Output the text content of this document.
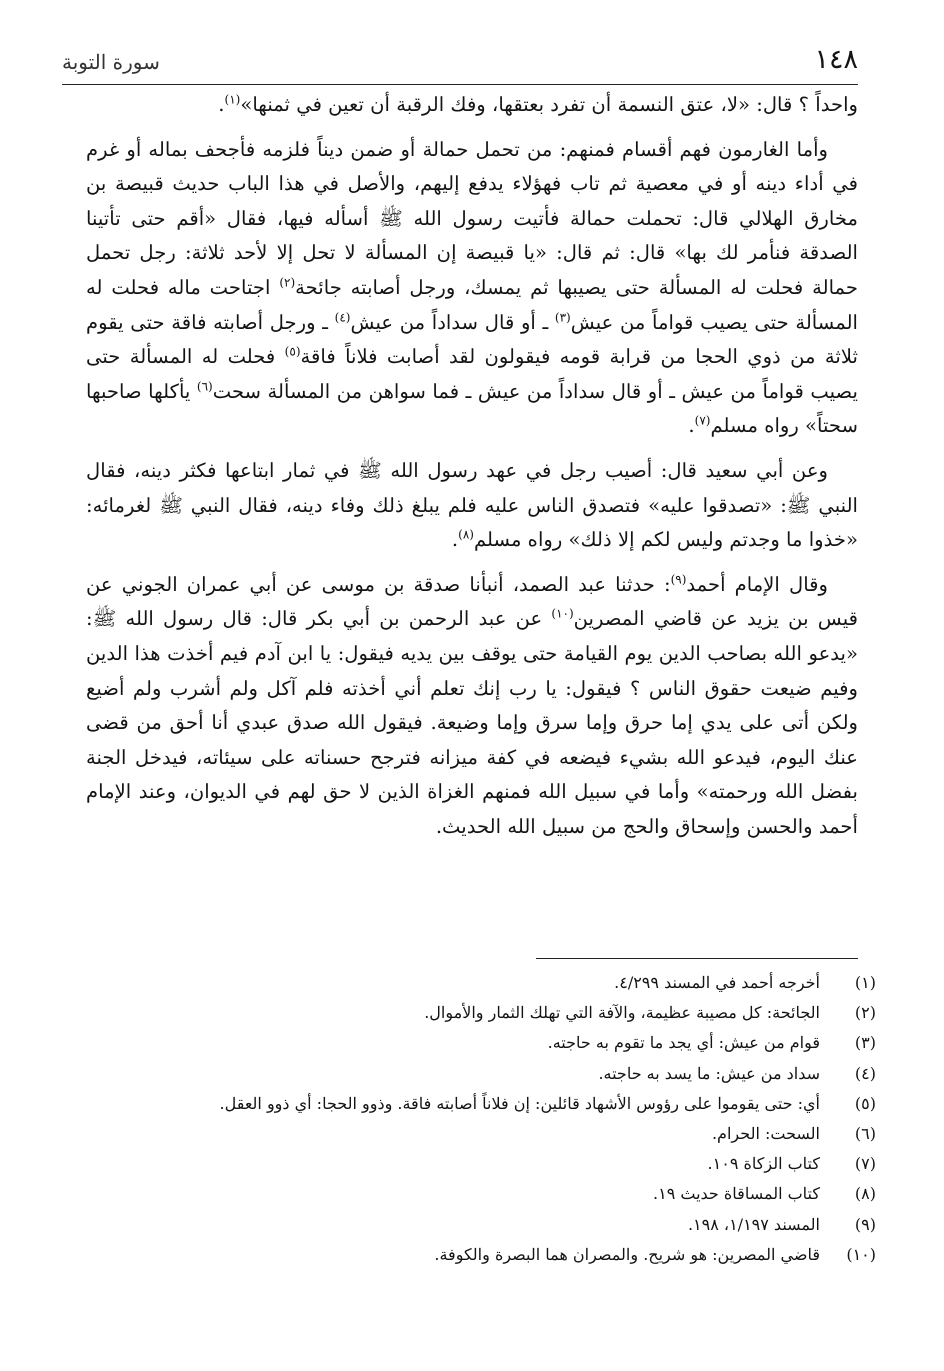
١٤٨
سورة التوبة

واحداً ؟ قال: «لا، عتق النسمة أن تفرد بعتقها، وفك الرقبة أن تعين في ثمنها»$^{(١)}$.

وأما الغارمون فهم أقسام فمنهم: من تحمل حمالة أو ضمن ديناً فلزمه فأجحف بماله أو غرم في أداء دينه أو في معصية ثم تاب فهؤلاء يدفع إليهم، والأصل في هذا الباب حديث قبيصة بن مخارق الهلالي قال: تحملت حمالة فأتيت رسول الله ﷺ أسأله فيها، فقال «أقم حتى تأتينا الصدقة فنأمر لك بها» قال: ثم قال: «يا قبيصة إن المسألة لا تحل إلا لأحد ثلاثة: رجل تحمل حمالة فحلت له المسألة حتى يصيبها ثم يمسك، ورجل أصابته جائحة$^{(٢)}$ اجتاحت ماله فحلت له المسألة حتى يصيب قواماً من عيش$^{(٣)}$ ـ أو قال سداداً من عيش$^{(٤)}$ ـ ورجل أصابته فاقة حتى يقوم ثلاثة من ذوي الحجا من قرابة قومه فيقولون لقد أصابت فلاناً فاقة$^{(٥)}$ فحلت له المسألة حتى يصيب قواماً من عيش ـ أو قال سداداً من عيش ـ فما سواهن من المسألة سحت$^{(٦)}$ يأكلها صاحبها سحتاً» رواه مسلم$^{(٧)}$.

وعن أبي سعيد قال: أصيب رجل في عهد رسول الله ﷺ في ثمار ابتاعها فكثر دينه، فقال النبي ﷺ: «تصدقوا عليه» فتصدق الناس عليه فلم يبلغ ذلك وفاء دينه، فقال النبي ﷺ لغرمائه: «خذوا ما وجدتم وليس لكم إلا ذلك» رواه مسلم$^{(٨)}$.

وقال الإمام أحمد$^{(٩)}$: حدثنا عبد الصمد، أنبأنا صدقة بن موسى عن أبي عمران الجوني عن قيس بن يزيد عن قاضي المصرين$^{(١٠)}$ عن عبد الرحمن بن أبي بكر قال: قال رسول الله ﷺ: «يدعو الله بصاحب الدين يوم القيامة حتى يوقف بين يديه فيقول: يا ابن آدم فيم أخذت هذا الدين وفيم ضيعت حقوق الناس ؟ فيقول: يا رب إنك تعلم أني أخذته فلم آكل ولم أشرب ولم أضيع ولكن أتى على يدي إما حرق وإما سرق وإما وضيعة. فيقول الله صدق عبدي أنا أحق من قضى عنك اليوم، فيدعو الله بشيء فيضعه في كفة ميزانه فترجح حسناته على سيئاته، فيدخل الجنة بفضل الله ورحمته» وأما في سبيل الله فمنهم الغزاة الذين لا حق لهم في الديوان، وعند الإمام أحمد والحسن وإسحاق والحج من سبيل الله الحديث.

(١)
أخرجه أحمد في المسند ٤/٢٩٩.
(٢)
الجائحة: كل مصيبة عظيمة، والآفة التي تهلك الثمار والأموال.
(٣)
قوام من عيش: أي يجد ما تقوم به حاجته.
(٤)
سداد من عيش: ما يسد به حاجته.
(٥)
أي: حتى يقوموا على رؤوس الأشهاد قائلين: إن فلاناً أصابته فاقة. وذوو الحجا: أي ذوو العقل.
(٦)
السحت: الحرام.
(٧)
كتاب الزكاة ١٠٩.
(٨)
كتاب المساقاة حديث ١٩.
(٩)
المسند ١/١٩٧، ١٩٨.
(١٠)
قاضي المصرين: هو شريح. والمصران هما البصرة والكوفة.
